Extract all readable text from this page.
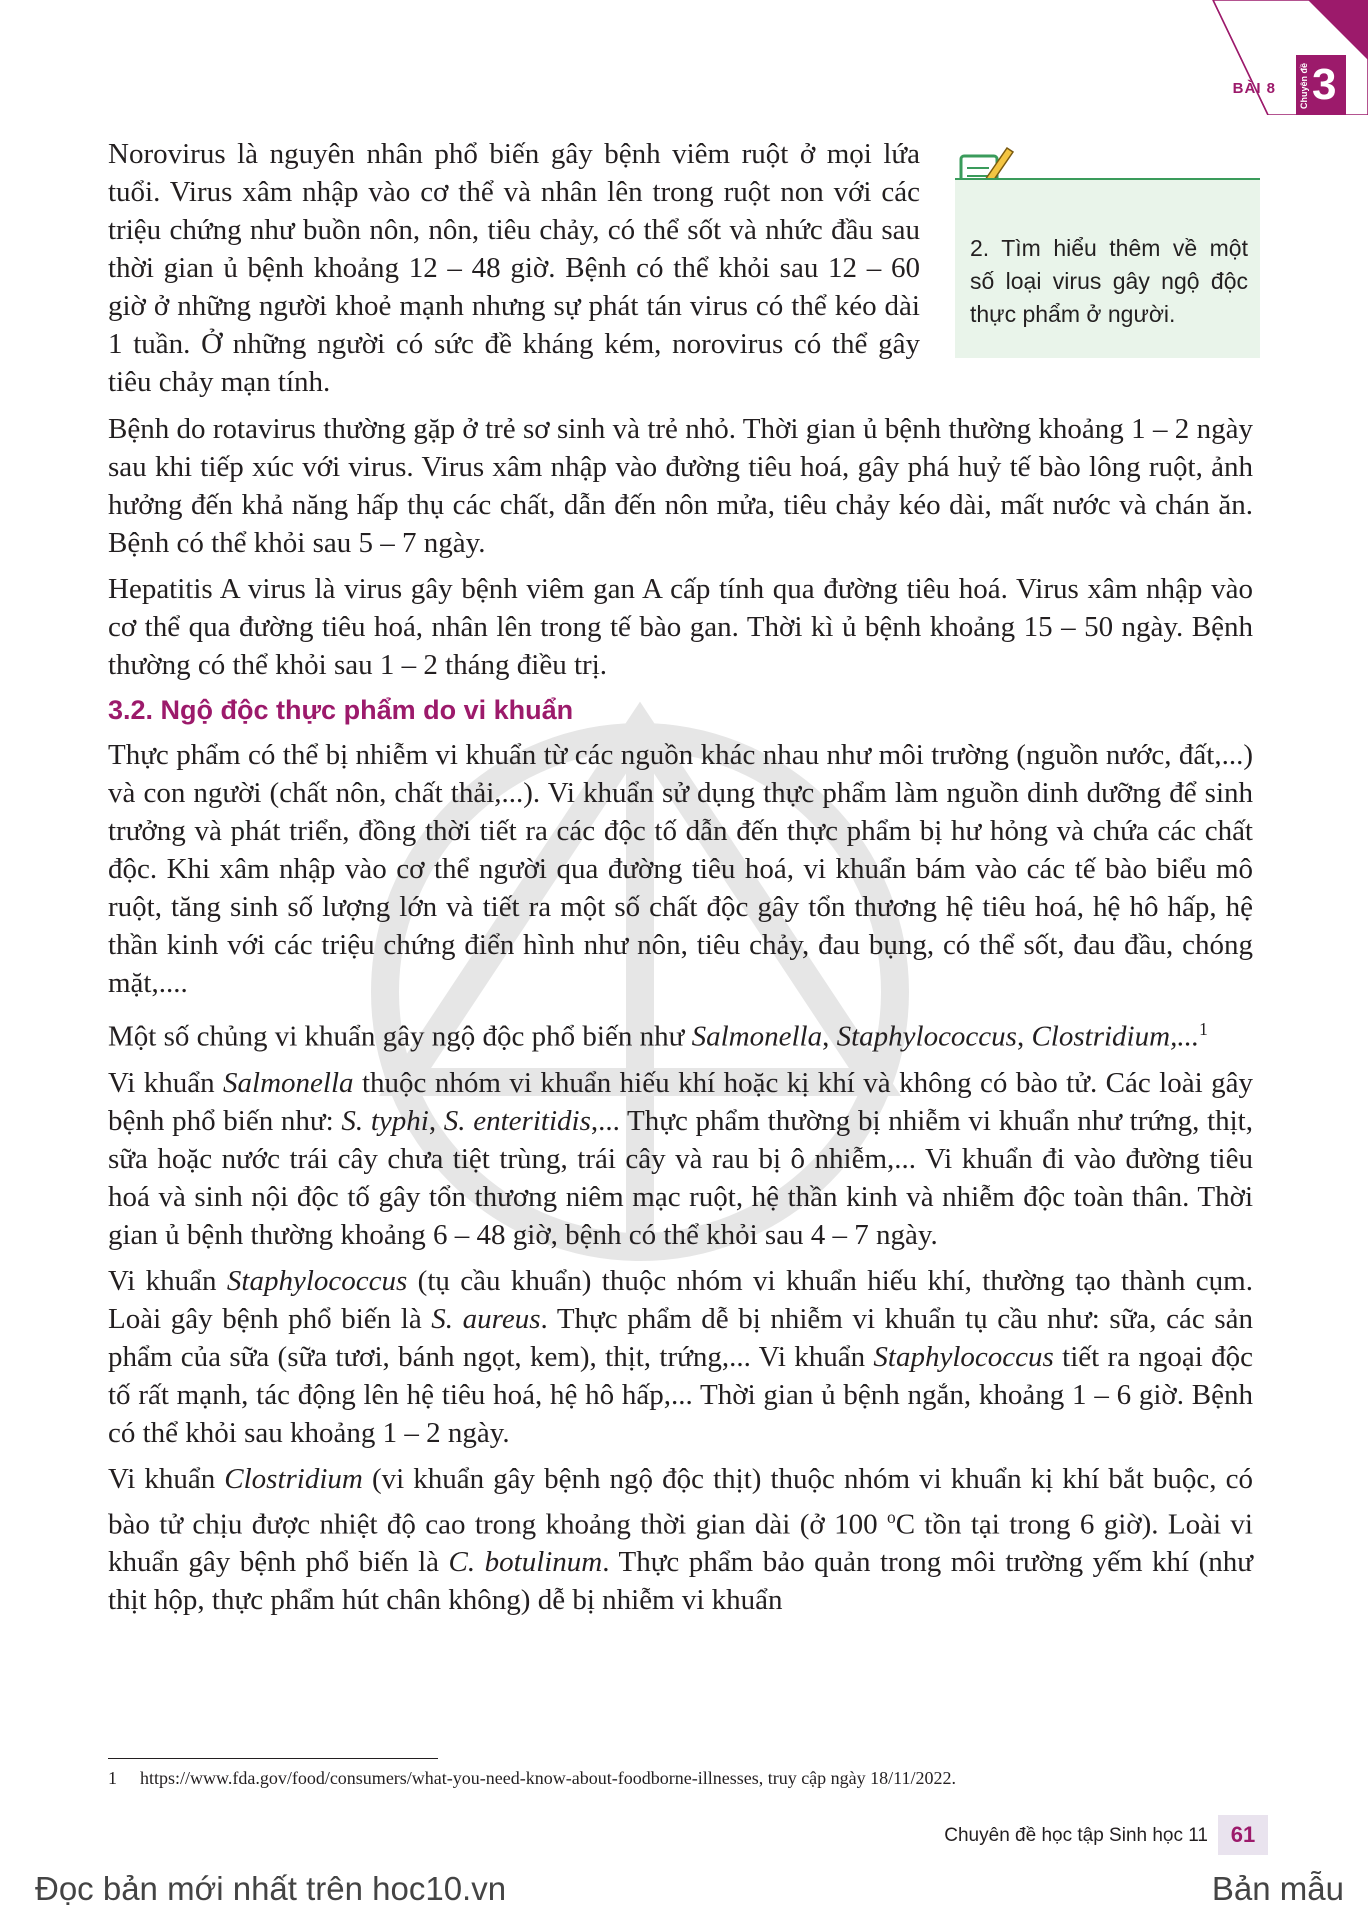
BÀI 8	Chuyên đề 3

Norovirus là nguyên nhân phổ biến gây bệnh viêm ruột ở mọi lứa tuổi. Virus xâm nhập vào cơ thể và nhân lên trong ruột non với các triệu chứng như buồn nôn, nôn, tiêu chảy, có thể sốt và nhức đầu sau thời gian ủ bệnh khoảng 12 – 48 giờ. Bệnh có thể khỏi sau 12 – 60 giờ ở những người khoẻ mạnh nhưng sự phát tán virus có thể kéo dài 1 tuần. Ở những người có sức đề kháng kém, norovirus có thể gây tiêu chảy mạn tính.

2. Tìm hiểu thêm về một số loại virus gây ngộ độc thực phẩm ở người.

Bệnh do rotavirus thường gặp ở trẻ sơ sinh và trẻ nhỏ. Thời gian ủ bệnh thường khoảng 1 – 2 ngày sau khi tiếp xúc với virus. Virus xâm nhập vào đường tiêu hoá, gây phá huỷ tế bào lông ruột, ảnh hưởng đến khả năng hấp thụ các chất, dẫn đến nôn mửa, tiêu chảy kéo dài, mất nước và chán ăn. Bệnh có thể khỏi sau 5 – 7 ngày.

Hepatitis A virus là virus gây bệnh viêm gan A cấp tính qua đường tiêu hoá. Virus xâm nhập vào cơ thể qua đường tiêu hoá, nhân lên trong tế bào gan. Thời kì ủ bệnh khoảng 15 – 50 ngày. Bệnh thường có thể khỏi sau 1 – 2 tháng điều trị.

3.2. Ngộ độc thực phẩm do vi khuẩn

Thực phẩm có thể bị nhiễm vi khuẩn từ các nguồn khác nhau như môi trường (nguồn nước, đất,...) và con người (chất nôn, chất thải,...). Vi khuẩn sử dụng thực phẩm làm nguồn dinh dưỡng để sinh trưởng và phát triển, đồng thời tiết ra các độc tố dẫn đến thực phẩm bị hư hỏng và chứa các chất độc. Khi xâm nhập vào cơ thể người qua đường tiêu hoá, vi khuẩn bám vào các tế bào biểu mô ruột, tăng sinh số lượng lớn và tiết ra một số chất độc gây tổn thương hệ tiêu hoá, hệ hô hấp, hệ thần kinh với các triệu chứng điển hình như nôn, tiêu chảy, đau bụng, có thể sốt, đau đầu, chóng mặt,....

Một số chủng vi khuẩn gây ngộ độc phổ biến như Salmonella, Staphylococcus, Clostridium,...$^1$

Vi khuẩn Salmonella thuộc nhóm vi khuẩn hiếu khí hoặc kị khí và không có bào tử. Các loài gây bệnh phổ biến như: S. typhi, S. enteritidis,... Thực phẩm thường bị nhiễm vi khuẩn như trứng, thịt, sữa hoặc nước trái cây chưa tiệt trùng, trái cây và rau bị ô nhiễm,... Vi khuẩn đi vào đường tiêu hoá và sinh nội độc tố gây tổn thương niêm mạc ruột, hệ thần kinh và nhiễm độc toàn thân. Thời gian ủ bệnh thường khoảng 6 – 48 giờ, bệnh có thể khỏi sau 4 – 7 ngày.

Vi khuẩn Staphylococcus (tụ cầu khuẩn) thuộc nhóm vi khuẩn hiếu khí, thường tạo thành cụm. Loài gây bệnh phổ biến là S. aureus. Thực phẩm dễ bị nhiễm vi khuẩn tụ cầu như: sữa, các sản phẩm của sữa (sữa tươi, bánh ngọt, kem), thịt, trứng,... Vi khuẩn Staphylococcus tiết ra ngoại độc tố rất mạnh, tác động lên hệ tiêu hoá, hệ hô hấp,... Thời gian ủ bệnh ngắn, khoảng 1 – 6 giờ. Bệnh có thể khỏi sau khoảng 1 – 2 ngày.

Vi khuẩn Clostridium (vi khuẩn gây bệnh ngộ độc thịt) thuộc nhóm vi khuẩn kị khí bắt buộc, có bào tử chịu được nhiệt độ cao trong khoảng thời gian dài (ở 100 $^o$C tồn tại trong 6 giờ). Loài vi khuẩn gây bệnh phổ biến là C. botulinum. Thực phẩm bảo quản trong môi trường yếm khí (như thịt hộp, thực phẩm hút chân không) dễ bị nhiễm vi khuẩn

1 https://www.fda.gov/food/consumers/what-you-need-know-about-foodborne-illnesses, truy cập ngày 18/11/2022.
Chuyên đề học tập Sinh học 11	61
Đọc bản mới nhất trên hoc10.vn	Bản mẫu
